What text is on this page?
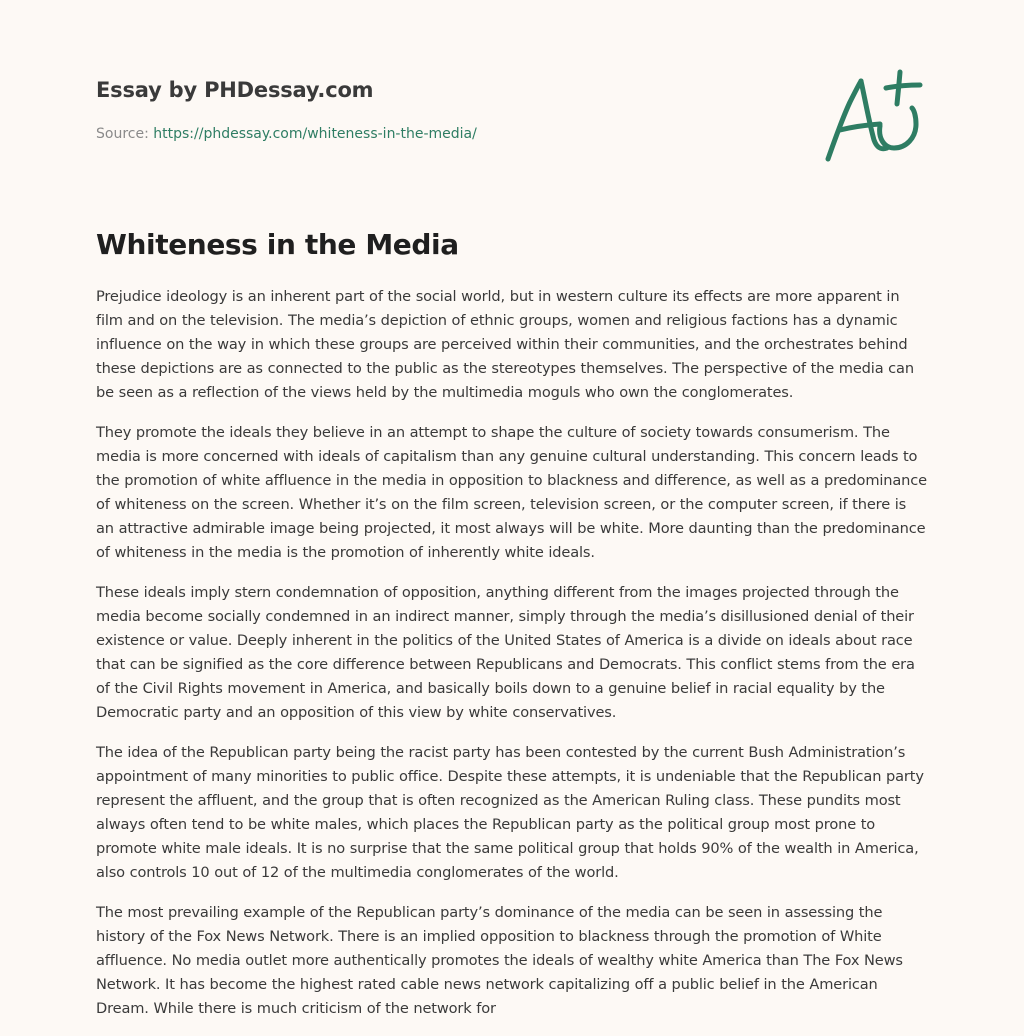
Essay by PHDessay.com
Source: https://phdessay.com/whiteness-in-the-media/
Whiteness in the Media

Prejudice ideology is an inherent part of the social world, but in western culture its effects are more apparent in film and on the television. The media’s depiction of ethnic groups, women and religious factions has a dynamic influence on the way in which these groups are perceived within their communities, and the orchestrates behind these depictions are as connected to the public as the stereotypes themselves. The perspective of the media can be seen as a reflection of the views held by the multimedia moguls who own the conglomerates.

They promote the ideals they believe in an attempt to shape the culture of society towards consumerism. The media is more concerned with ideals of capitalism than any genuine cultural understanding. This concern leads to the promotion of white affluence in the media in opposition to blackness and difference, as well as a predominance of whiteness on the screen. Whether it’s on the film screen, television screen, or the computer screen, if there is an attractive admirable image being projected, it most always will be white. More daunting than the predominance of whiteness in the media is the promotion of inherently white ideals.

These ideals imply stern condemnation of opposition, anything different from the images projected through the media become socially condemned in an indirect manner, simply through the media’s disillusioned denial of their existence or value. Deeply inherent in the politics of the United States of America is a divide on ideals about race that can be signified as the core difference between Republicans and Democrats. This conflict stems from the era of the Civil Rights movement in America, and basically boils down to a genuine belief in racial equality by the Democratic party and an opposition of this view by white conservatives.

The idea of the Republican party being the racist party has been contested by the current Bush Administration’s appointment of many minorities to public office. Despite these attempts, it is undeniable that the Republican party represent the affluent, and the group that is often recognized as the American Ruling class. These pundits most always often tend to be white males, which places the Republican party as the political group most prone to promote white male ideals. It is no surprise that the same political group that holds 90% of the wealth in America, also controls 10 out of 12 of the multimedia conglomerates of the world.

The most prevailing example of the Republican party’s dominance of the media can be seen in assessing the history of the Fox News Network. There is an implied opposition to blackness through the promotion of White affluence. No media outlet more authentically promotes the ideals of wealthy white America than The Fox News Network. It has become the highest rated cable news network capitalizing off a public belief in the American Dream. While there is much criticism of the network for
